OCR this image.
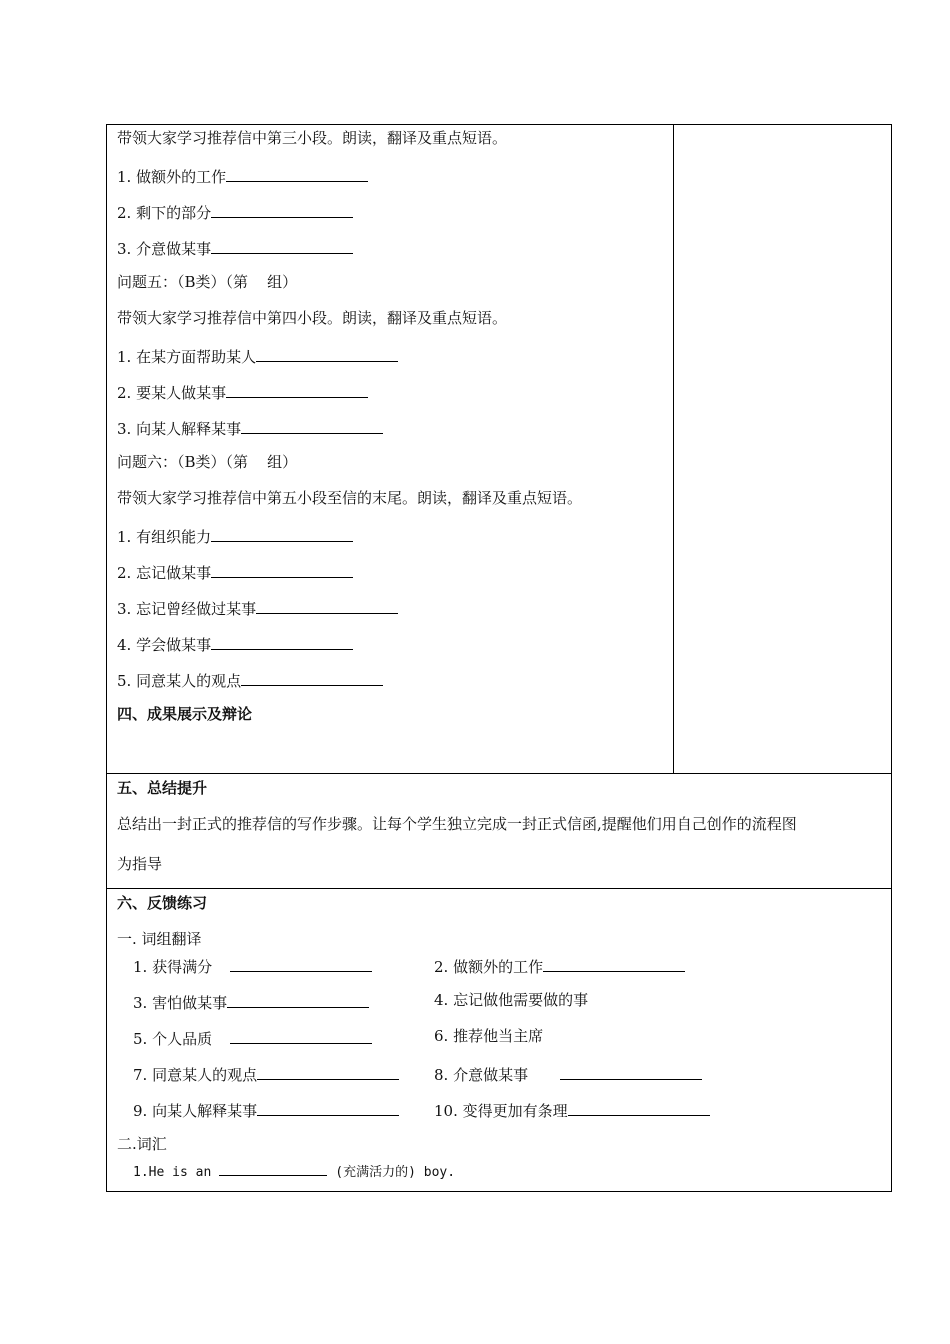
带领大家学习推荐信中第三小段。朗读，翻译及重点短语。
1. 做额外的工作
2. 剩下的部分
3. 介意做某事
问题五：（B类）（第    组）
带领大家学习推荐信中第四小段。朗读，翻译及重点短语。
1. 在某方面帮助某人
2. 要某人做某事
3. 向某人解释某事
问题六：（B类）（第    组）
带领大家学习推荐信中第五小段至信的末尾。朗读，翻译及重点短语。
1. 有组织能力
2. 忘记做某事
3. 忘记曾经做过某事
4. 学会做某事
5. 同意某人的观点
四、成果展示及辩论
五、总结提升
总结出一封正式的推荐信的写作步骤。让每个学生独立完成一封正式信函,提醒他们用自己创作的流程图
为指导
六、反馈练习
一. 词组翻译
1. 获得满分
3. 害怕做某事
5. 个人品质
7. 同意某人的观点
9. 向某人解释某事
2. 做额外的工作
4. 忘记做他需要做的事
6. 推荐他当主席
8. 介意做某事
10. 变得更加有条理
二.词汇
1.He is an	(充满活力的) boy.
